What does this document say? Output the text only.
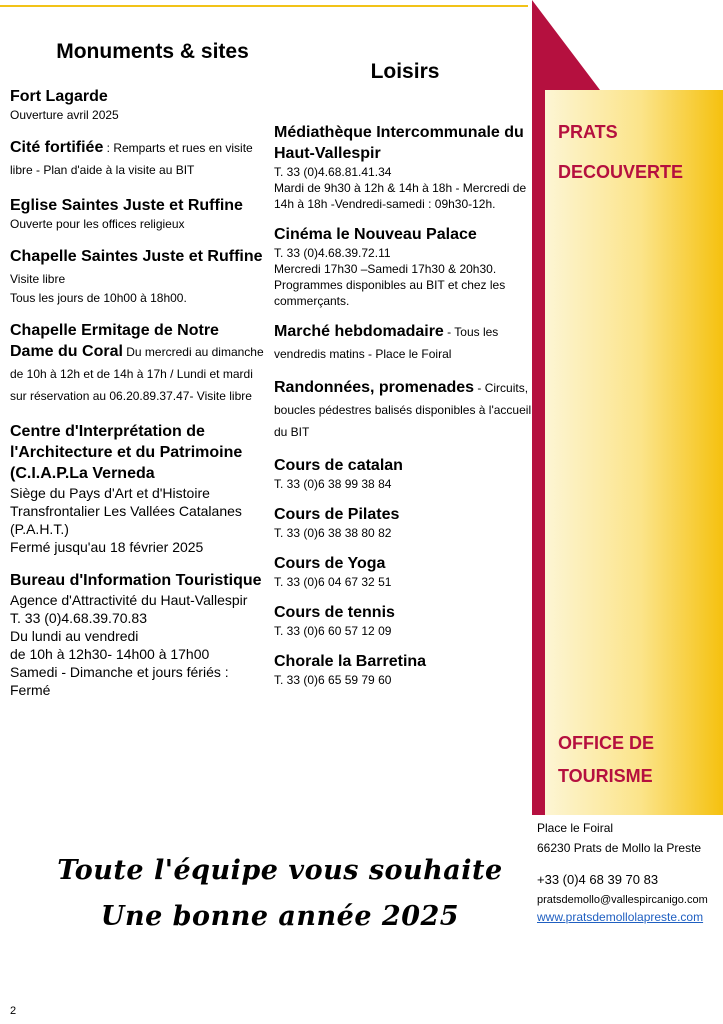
Monuments & sites
Fort Lagarde
Ouverture avril 2025
Cité fortifiée : Remparts et rues en visite libre - Plan d'aide à la visite au BIT
Eglise Saintes Juste et Ruffine
Ouverte pour les offices religieux
Chapelle Saintes Juste et Ruffine Visite libre
Tous les jours de 10h00 à 18h00.
Chapelle Ermitage de Notre Dame du Coral Du mercredi au dimanche de 10h à 12h et de 14h à 17h / Lundi et mardi sur réservation au 06.20.89.37.47- Visite libre
Centre d'Interprétation de l'Architecture et du Patrimoine (C.I.A.P.La Verneda
Siège du Pays d'Art et d'Histoire Transfrontalier Les Vallées Catalanes (P.A.H.T.)
Fermé jusqu'au 18 février 2025
Bureau d'Information Touristique
Agence d'Attractivité du Haut-Vallespir
T. 33 (0)4.68.39.70.83
Du lundi au vendredi
de 10h à 12h30- 14h00 à 17h00
Samedi - Dimanche et jours fériés : Fermé
Loisirs
Médiathèque Intercommunale du Haut-Vallespir
T. 33 (0)4.68.81.41.34
Mardi de 9h30 à 12h & 14h à 18h - Mercredi de 14h à 18h -Vendredi-samedi : 09h30-12h.
Cinéma le Nouveau Palace
T. 33 (0)4.68.39.72.11
Mercredi 17h30 –Samedi 17h30 & 20h30. Programmes disponibles au BIT et chez les commerçants.
Marché hebdomadaire - Tous les vendredis matins - Place le Foiral
Randonnées, promenades - Circuits, boucles pédestres balisés disponibles à l'accueil du BIT
Cours de catalan
T. 33 (0)6 38 99 38 84
Cours de Pilates
T. 33 (0)6 38 38 80 82
Cours de Yoga
T. 33 (0)6 04 67 32 51
Cours de tennis
T. 33 (0)6 60 57 12 09
Chorale la Barretina
T. 33 (0)6 65 59 79 60
PRATS
DECOUVERTE
OFFICE DE
TOURISME
Place le Foiral
66230 Prats de Mollo la Preste
+33 (0)4 68 39 70 83
pratsdemollo@vallespircanigo.com
www.pratsdemollolapreste.com
Toute l'équipe vous souhaite
Une bonne année 2025
2
